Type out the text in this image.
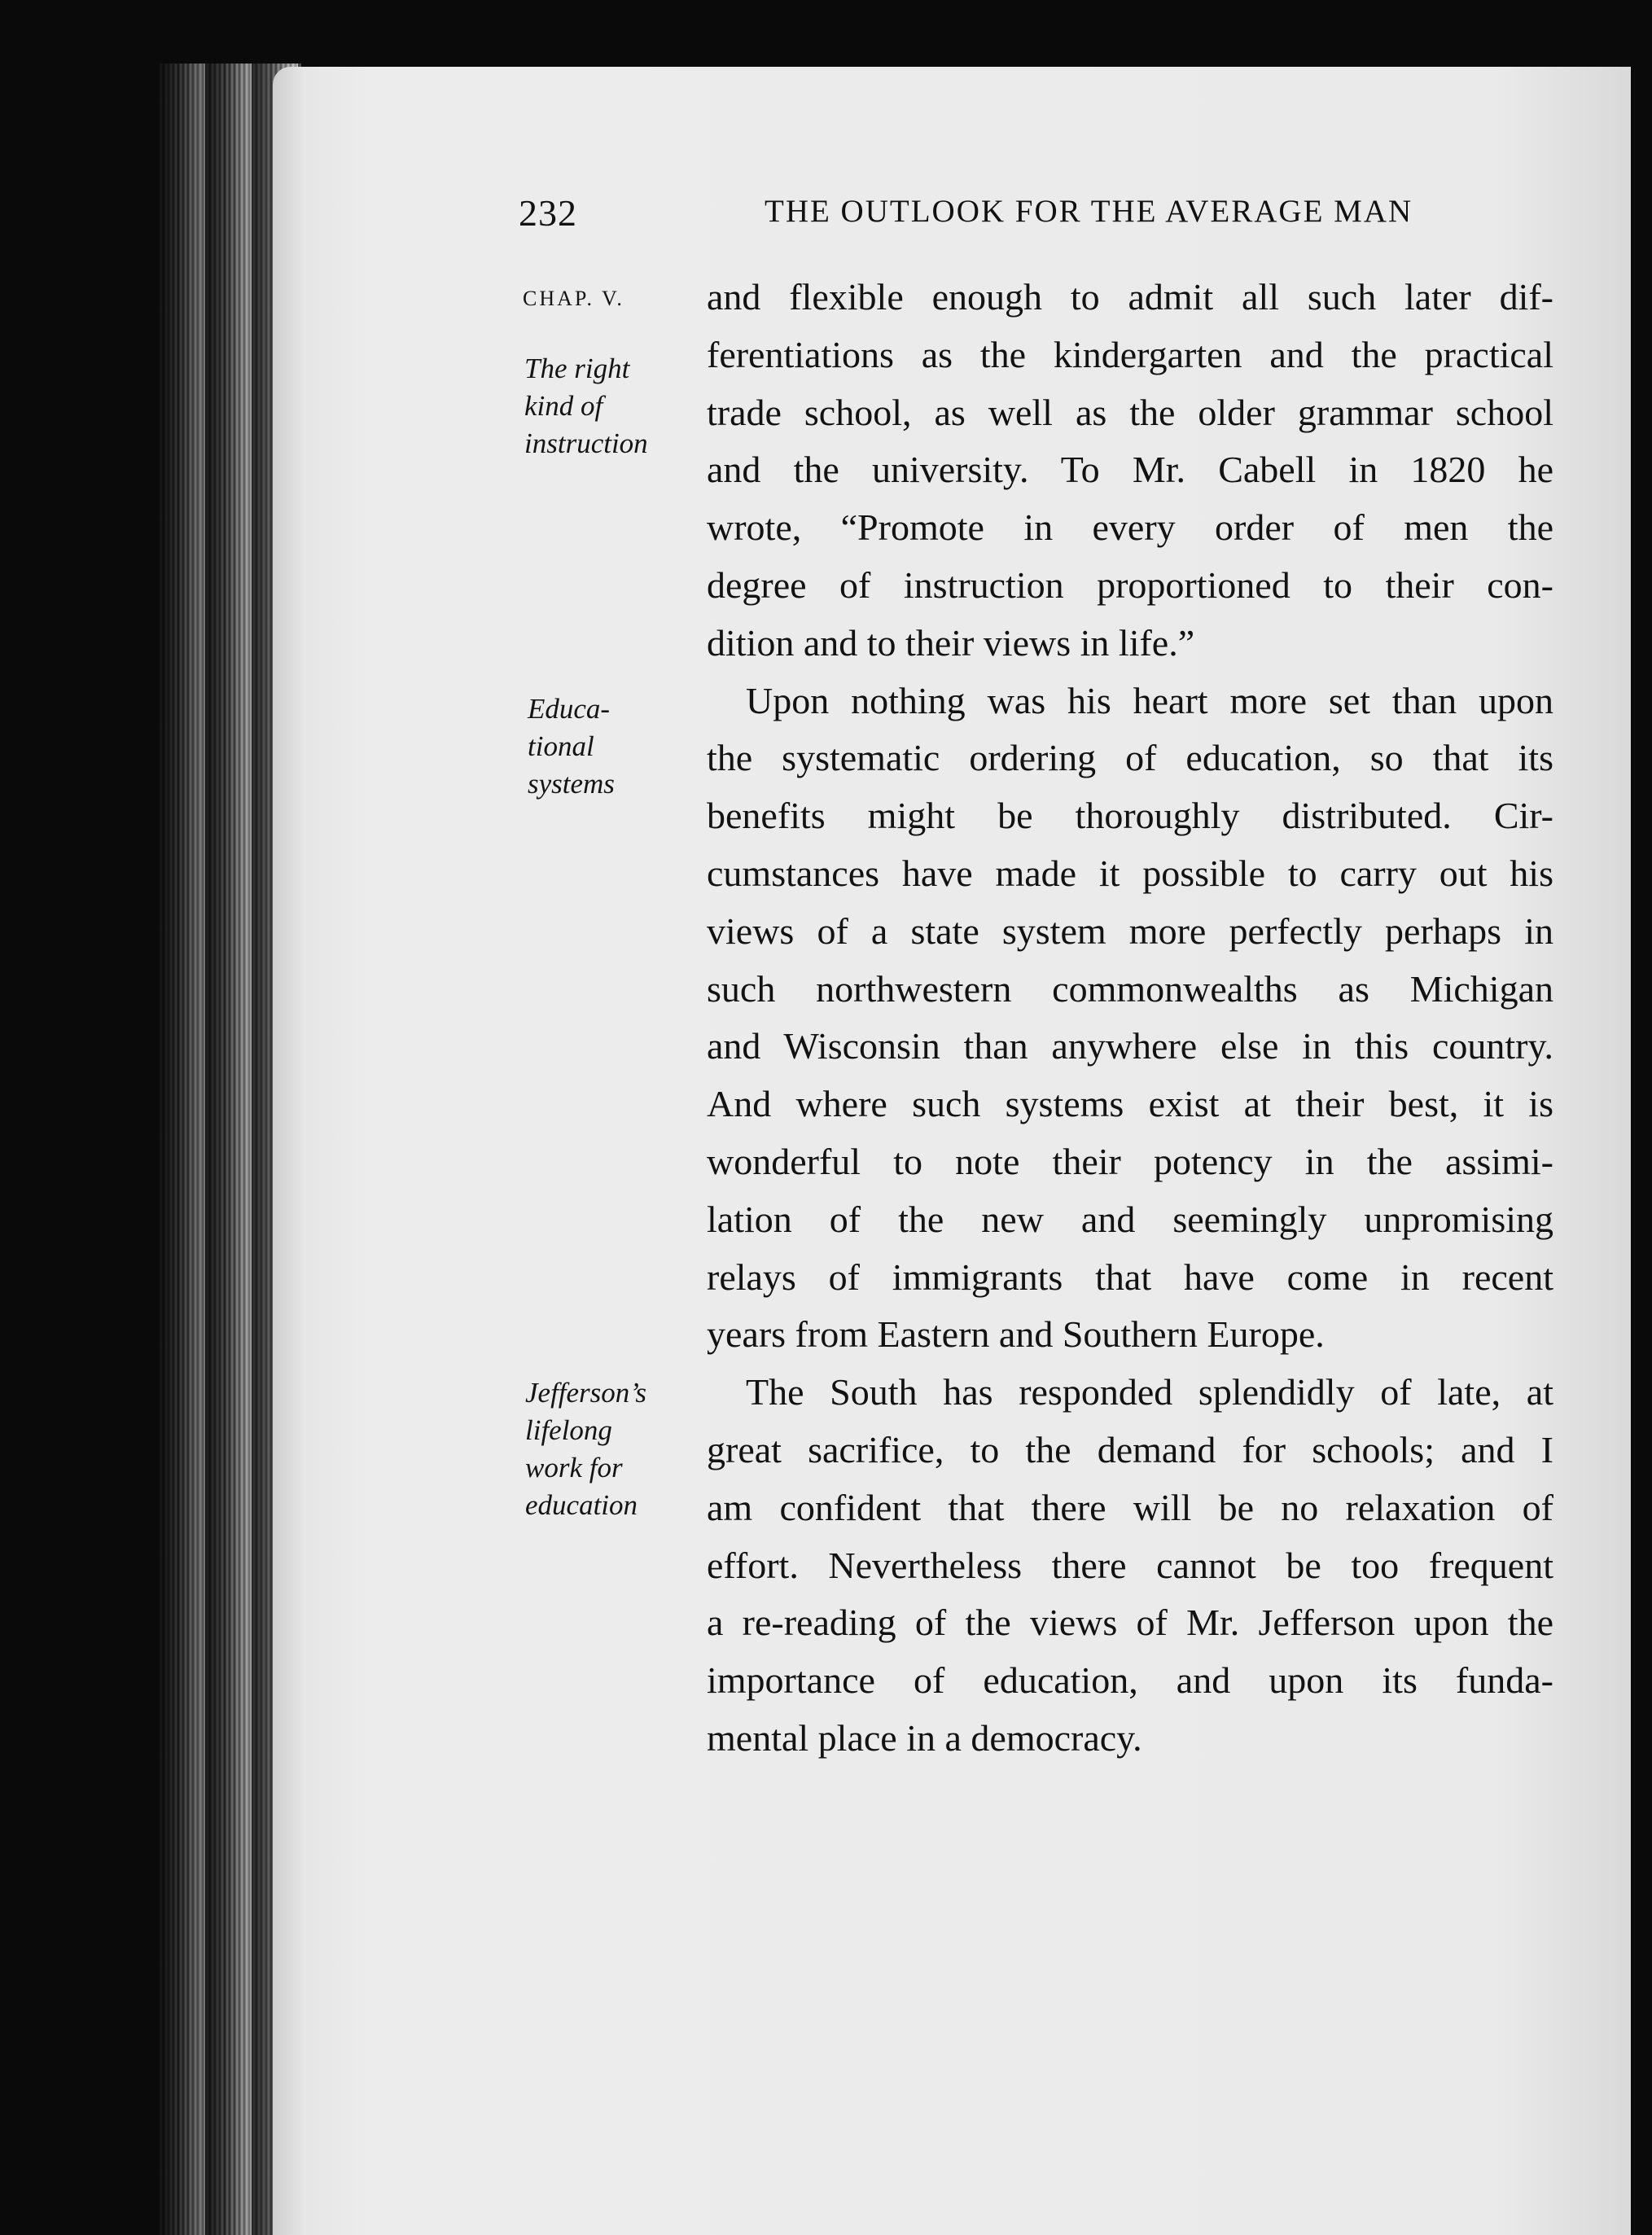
232	THE OUTLOOK FOR THE AVERAGE MAN
CHAP. V.
The right
kind of
instruction
Educa-
tional
systems
Jefferson’s
lifelong
work for
education
and flexible enough to admit all such later dif-
ferentiations as the kindergarten and the practical
trade school, as well as the older grammar school
and the university. To Mr. Cabell in 1820 he
wrote, “Promote in every order of men the
degree of instruction proportioned to their con-
dition and to their views in life.”
Upon nothing was his heart more set than upon
the systematic ordering of education, so that its
benefits might be thoroughly distributed. Cir-
cumstances have made it possible to carry out his
views of a state system more perfectly perhaps in
such northwestern commonwealths as Michigan
and Wisconsin than anywhere else in this country.
And where such systems exist at their best, it is
wonderful to note their potency in the assimi-
lation of the new and seemingly unpromising
relays of immigrants that have come in recent
years from Eastern and Southern Europe.
The South has responded splendidly of late, at
great sacrifice, to the demand for schools; and I
am confident that there will be no relaxation of
effort. Nevertheless there cannot be too frequent
a re-reading of the views of Mr. Jefferson upon the
importance of education, and upon its funda-
mental place in a democracy.
